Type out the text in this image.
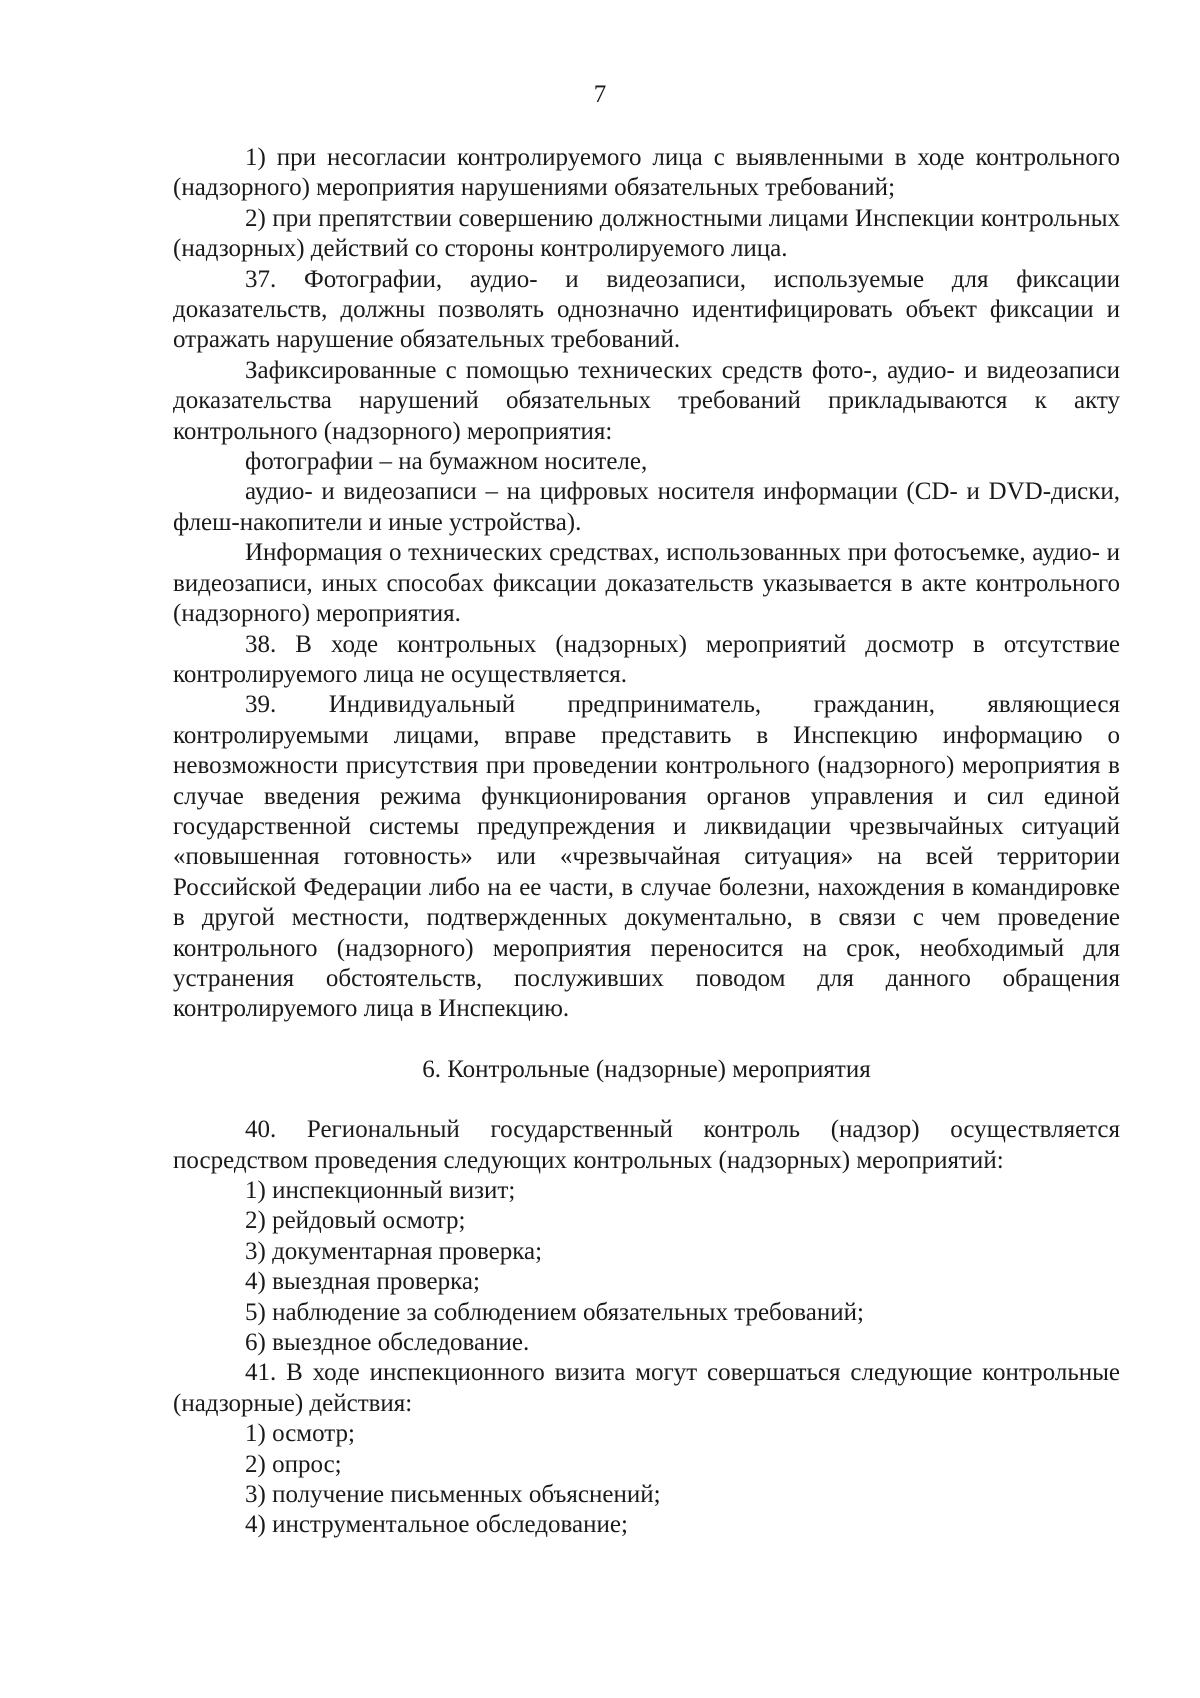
7

1) при несогласии контролируемого лица с выявленными в ходе контрольного (надзорного) мероприятия нарушениями обязательных требований;

2) при препятствии совершению должностными лицами Инспекции контрольных (надзорных) действий со стороны контролируемого лица.

37. Фотографии, аудио- и видеозаписи, используемые для фиксации доказательств, должны позволять однозначно идентифицировать объект фиксации и отражать нарушение обязательных требований.

Зафиксированные с помощью технических средств фото-, аудио- и видеозаписи доказательства нарушений обязательных требований прикладываются к акту контрольного (надзорного) мероприятия:

фотографии – на бумажном носителе,

аудио- и видеозаписи – на цифровых носителя информации (CD- и DVD-диски, флеш-накопители и иные устройства).

Информация о технических средствах, использованных при фотосъемке, аудио- и видеозаписи, иных способах фиксации доказательств указывается в акте контрольного (надзорного) мероприятия.

38. В ходе контрольных (надзорных) мероприятий досмотр в отсутствие контролируемого лица не осуществляется.

39. Индивидуальный предприниматель, гражданин, являющиеся контролируемыми лицами, вправе представить в Инспекцию информацию о невозможности присутствия при проведении контрольного (надзорного) мероприятия в случае введения режима функционирования органов управления и сил единой государственной системы предупреждения и ликвидации чрезвычайных ситуаций «повышенная готовность» или «чрезвычайная ситуация» на всей территории Российской Федерации либо на ее части, в случае болезни, нахождения в командировке в другой местности, подтвержденных документально, в связи с чем проведение контрольного (надзорного) мероприятия переносится на срок, необходимый для устранения обстоятельств, послуживших поводом для данного обращения контролируемого лица в Инспекцию.

6. Контрольные (надзорные) мероприятия

40. Региональный государственный контроль (надзор) осуществляется посредством проведения следующих контрольных (надзорных) мероприятий:

1) инспекционный визит;

2) рейдовый осмотр;

3) документарная проверка;

4) выездная проверка;

5) наблюдение за соблюдением обязательных требований;

6) выездное обследование.

41. В ходе инспекционного визита могут совершаться следующие контрольные (надзорные) действия:

1) осмотр;

2) опрос;

3) получение письменных объяснений;

4) инструментальное обследование;
